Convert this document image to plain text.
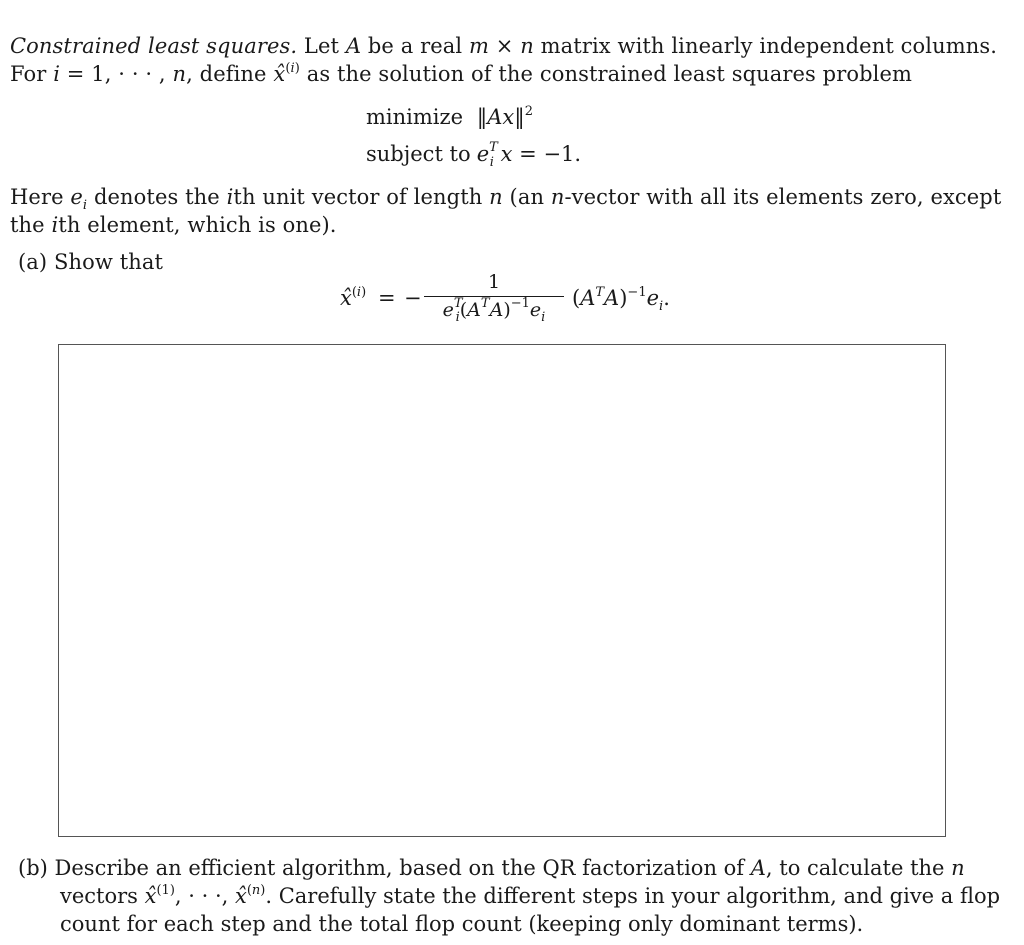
Constrained least squares. Let A be a real m × n matrix with linearly independent columns.
For i = 1, · · · , n, define x̂$^{(i)}$ as the solution of the constrained least squares problem
minimize ‖Ax‖$^2$
subject to $e^T_i$ x = −1.
Here $e_i$ denotes the ith unit vector of length n (an n-vector with all its elements zero, except
the ith element, which is one).
(a) Show that
x̂$^{(i)}$ = −
1
$e^T_i(A^TA)^{-1}e_i$
$(A^TA)^{-1}e_i$.
(b) Describe an efficient algorithm, based on the QR factorization of A, to calculate the n
vectors x̂$^{(1)}$, · · ·, x̂$^{(n)}$. Carefully state the different steps in your algorithm, and give a flop
count for each step and the total flop count (keeping only dominant terms).
